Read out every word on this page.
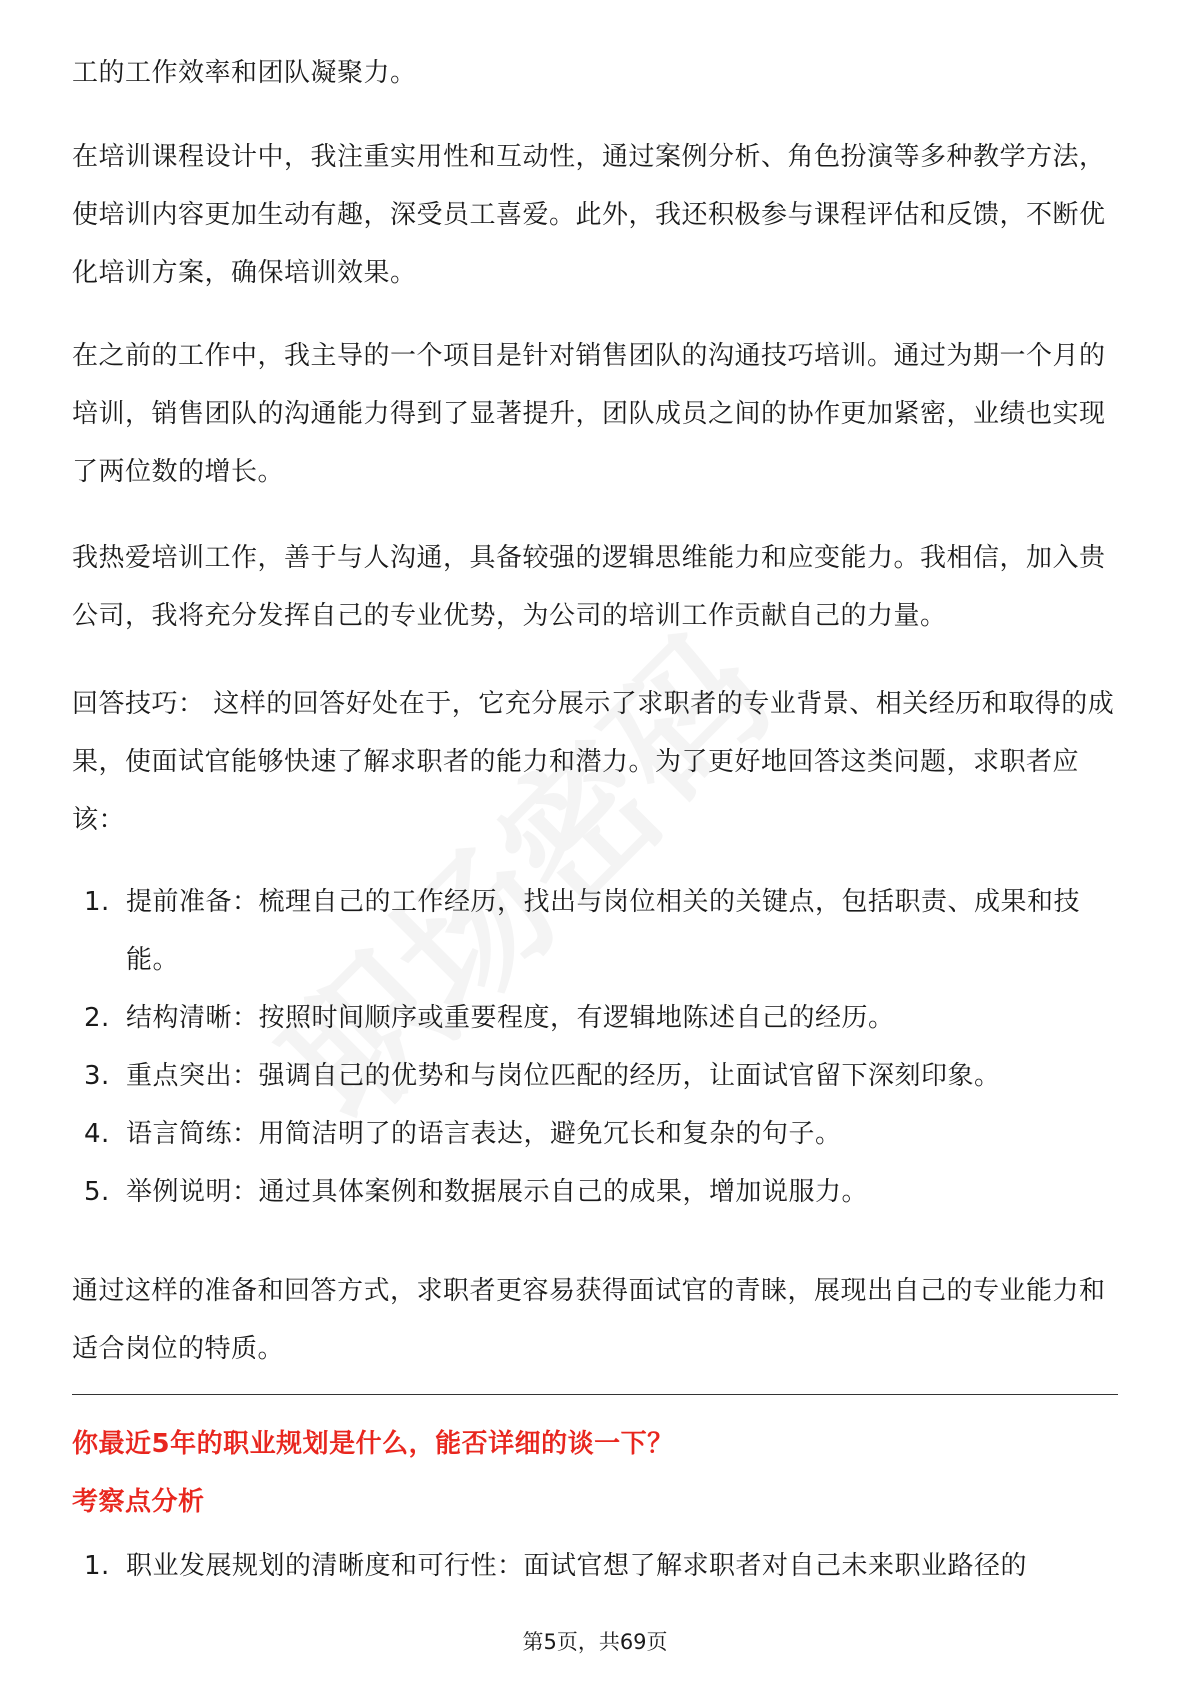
工的工作效率和团队凝聚力。

在培训课程设计中，我注重实用性和互动性，通过案例分析、角色扮演等多种教学方法，使培训内容更加生动有趣，深受员工喜爱。此外，我还积极参与课程评估和反馈，不断优化培训方案，确保培训效果。

在之前的工作中，我主导的一个项目是针对销售团队的沟通技巧培训。通过为期一个月的培训，销售团队的沟通能力得到了显著提升，团队成员之间的协作更加紧密，业绩也实现了两位数的增长。

我热爱培训工作，善于与人沟通，具备较强的逻辑思维能力和应变能力。我相信，加入贵公司，我将充分发挥自己的专业优势，为公司的培训工作贡献自己的力量。

回答技巧： 这样的回答好处在于，它充分展示了求职者的专业背景、相关经历和取得的成果，使面试官能够快速了解求职者的能力和潜力。为了更好地回答这类问题，求职者应该：

1. 提前准备：梳理自己的工作经历，找出与岗位相关的关键点，包括职责、成果和技能。
2. 结构清晰：按照时间顺序或重要程度，有逻辑地陈述自己的经历。
3. 重点突出：强调自己的优势和与岗位匹配的经历，让面试官留下深刻印象。
4. 语言简练：用简洁明了的语言表达，避免冗长和复杂的句子。
5. 举例说明：通过具体案例和数据展示自己的成果，增加说服力。

通过这样的准备和回答方式，求职者更容易获得面试官的青睐，展现出自己的专业能力和适合岗位的特质。

你最近5年的职业规划是什么，能否详细的谈一下？

考察点分析

1. 职业发展规划的清晰度和可行性：面试官想了解求职者对自己未来职业路径的
第5页，共69页
